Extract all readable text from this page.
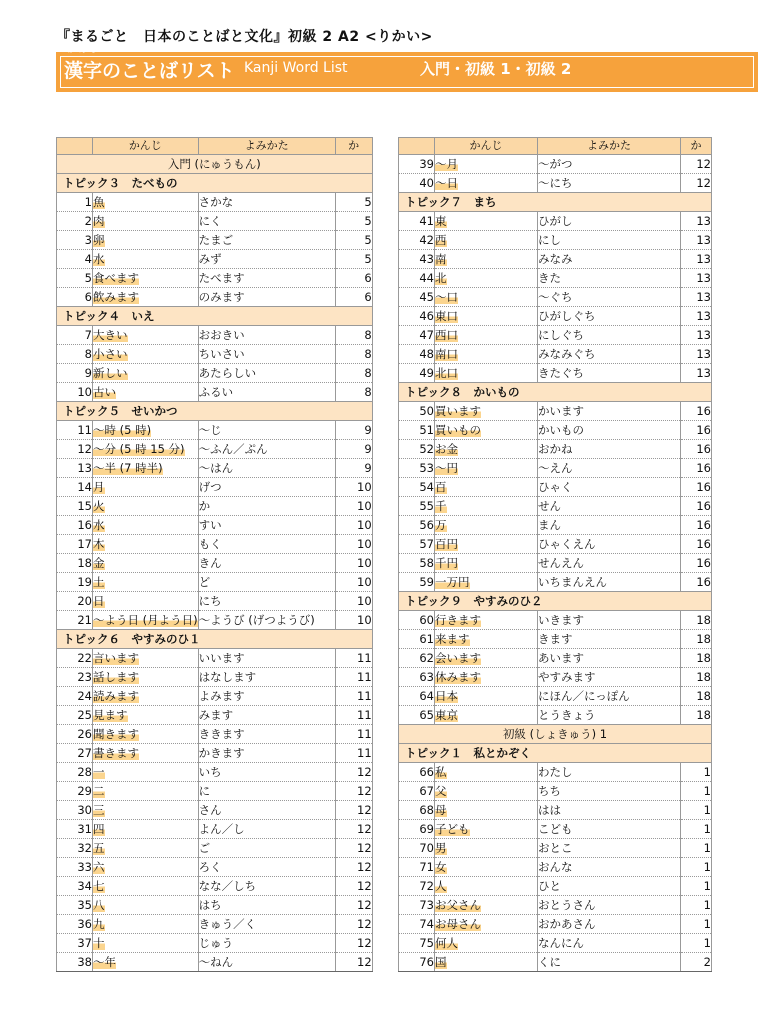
『まるごと　日本のことばと文化』初級 2 A2 <りかい>
かんじ
漢字のことばリスト Kanji Word List	入門・初級 1・初級 2
	かんじ	よみかた	か
入門 (にゅうもん)			
トピック３　たべもの			
1	魚	さかな	5
2	肉	にく	5
3	卵	たまご	5
4	水	みず	5
5	食べます	たべます	6
6	飲みます	のみます	6
トピック４　いえ			
7	大きい	おおきい	8
8	小さい	ちいさい	8
9	新しい	あたらしい	8
10	古い	ふるい	8
トピック５　せいかつ			
11	～時 (5 時)	～じ	9
12	～分 (5 時 15 分)	～ふん／ぷん	9
13	～半 (7 時半)	～はん	9
14	月	げつ	10
15	火	か	10
16	水	すい	10
17	木	もく	10
18	金	きん	10
19	土	ど	10
20	日	にち	10
21	～よう日 (月よう日)	～ようび (げつようび)	10
トピック６　やすみのひ１			
22	言います	いいます	11
23	話します	はなします	11
24	読みます	よみます	11
25	見ます	みます	11
26	聞きます	ききます	11
27	書きます	かきます	11
28	一	いち	12
29	二	に	12
30	三	さん	12
31	四	よん／し	12
32	五	ご	12
33	六	ろく	12
34	七	なな／しち	12
35	八	はち	12
36	九	きゅう／く	12
37	十	じゅう	12
38	～年	～ねん	12
	かんじ	よみかた	か
39	～月	～がつ	12
40	～日	～にち	12
トピック７　まち			
41	東	ひがし	13
42	西	にし	13
43	南	みなみ	13
44	北	きた	13
45	～口	～ぐち	13
46	東口	ひがしぐち	13
47	西口	にしぐち	13
48	南口	みなみぐち	13
49	北口	きたぐち	13
トピック８　かいもの			
50	買います	かいます	16
51	買いもの	かいもの	16
52	お金	おかね	16
53	～円	～えん	16
54	百	ひゃく	16
55	千	せん	16
56	万	まん	16
57	百円	ひゃくえん	16
58	千円	せんえん	16
59	一万円	いちまんえん	16
トピック９　やすみのひ２			
60	行きます	いきます	18
61	来ます	きます	18
62	会います	あいます	18
63	休みます	やすみます	18
64	日本	にほん／にっぽん	18
65	東京	とうきょう	18
初級 (しょきゅう) 1			
トピック１　私とかぞく			
66	私	わたし	1
67	父	ちち	1
68	母	はは	1
69	子ども	こども	1
70	男	おとこ	1
71	女	おんな	1
72	人	ひと	1
73	お父さん	おとうさん	1
74	お母さん	おかあさん	1
75	何人	なんにん	1
76	国	くに	2
